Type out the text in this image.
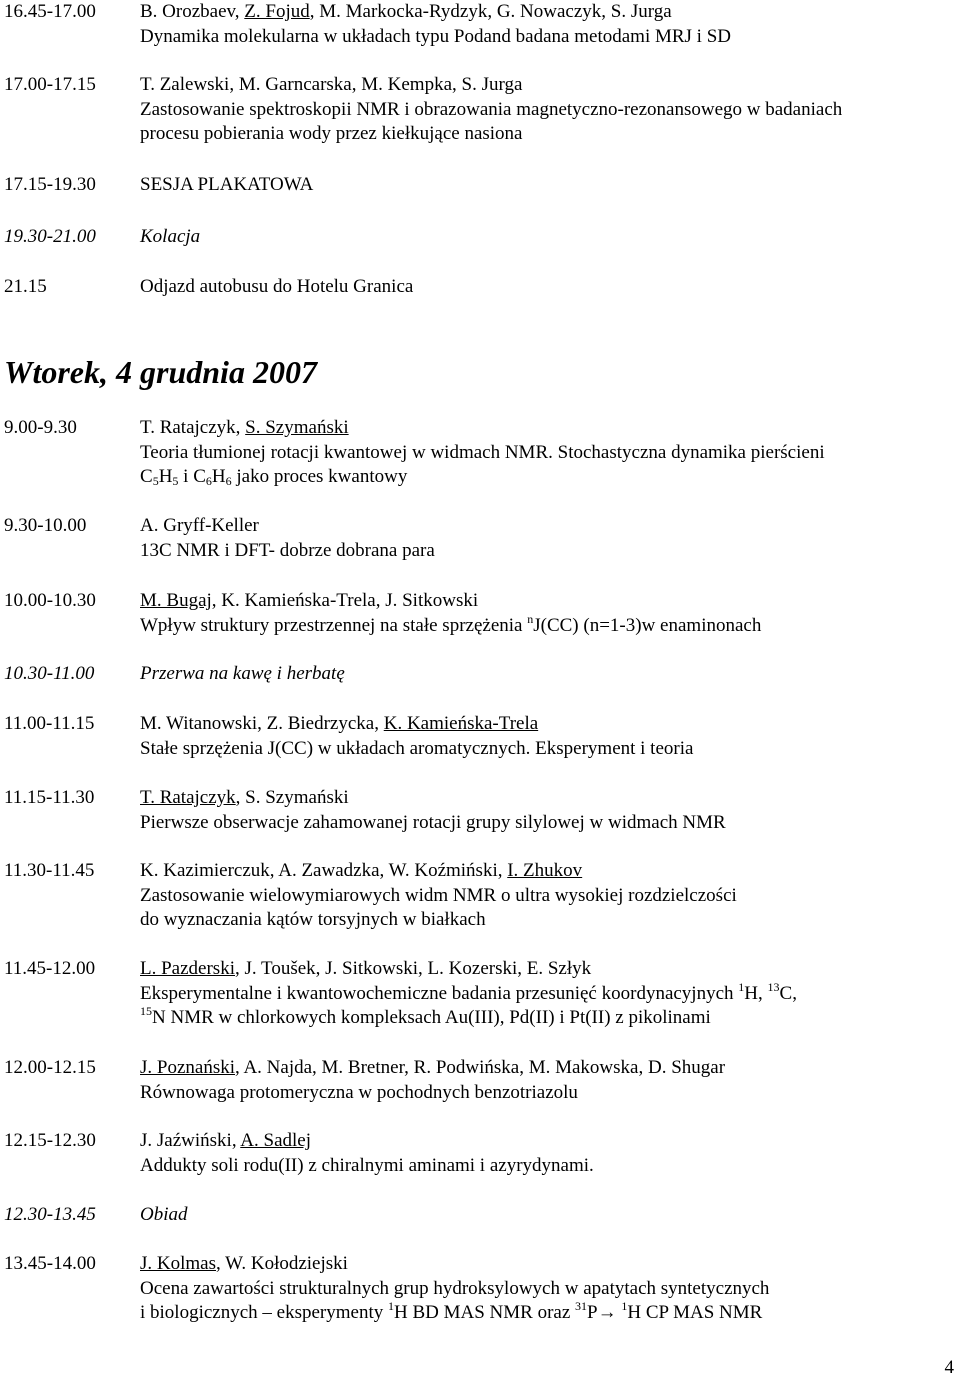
16.45-17.00	B. Orozbaev, Z. Fojud, M. Markocka-Rydzyk, G. Nowaczyk, S. Jurga
Dynamika molekularna w układach typu Podand badana metodami MRJ i SD
17.00-17.15	T. Zalewski, M. Garncarska, M. Kempka, S. Jurga
Zastosowanie spektroskopii NMR i obrazowania magnetyczno-rezonansowego w badaniach
procesu pobierania wody przez kiełkujące nasiona
17.15-19.30	SESJA PLAKATOWA
19.30-21.00	Kolacja
21.15	Odjazd autobusu do Hotelu Granica
Wtorek, 4 grudnia 2007
9.00-9.30	T. Ratajczyk, S. Szymański
Teoria tłumionej rotacji kwantowej w widmach NMR. Stochastyczna dynamika pierścieni
$C_5H_5$ i $C_6H_6$ jako proces kwantowy
9.30-10.00	A. Gryff-Keller
13C NMR i DFT- dobrze dobrana para
10.00-10.30	M. Bugaj, K. Kamieńska-Trela, J. Sitkowski
Wpływ struktury przestrzennej na stałe sprzężenia $^n$J(CC) (n=1-3)w enaminonach
10.30-11.00	Przerwa na kawę i herbatę
11.00-11.15	M. Witanowski, Z. Biedrzycka, K. Kamieńska-Trela
Stałe sprzężenia J(CC) w układach aromatycznych. Eksperyment i teoria
11.15-11.30	T. Ratajczyk, S. Szymański
Pierwsze obserwacje zahamowanej rotacji grupy silylowej w widmach NMR
11.30-11.45	K. Kazimierczuk, A. Zawadzka, W. Koźmiński, I. Zhukov
Zastosowanie wielowymiarowych widm NMR o ultra wysokiej rozdzielczości
do wyznaczania kątów torsyjnych w białkach
11.45-12.00	L. Pazderski, J. Toušek, J. Sitkowski, L. Kozerski, E. Szłyk
Eksperymentalne i kwantowochemiczne badania przesunięć koordynacyjnych $^1$H, $^{13}$C,
$^{15}$N NMR w chlorkowych kompleksach Au(III), Pd(II) i Pt(II) z pikolinami
12.00-12.15	J. Poznański, A. Najda, M. Bretner, R. Podwińska, M. Makowska, D. Shugar
Równowaga protomeryczna w pochodnych benzotriazolu
12.15-12.30	J. Jaźwiński, A. Sadlej
Addukty soli rodu(II) z chiralnymi aminami i azyrydynami.
12.30-13.45	Obiad
13.45-14.00	J. Kolmas, W. Kołodziejski
Ocena zawartości strukturalnych grup hydroksylowych w apatytach syntetycznych
i biologicznych – eksperymenty $^1$H BD MAS NMR oraz $^{31}$P→ $^1$H CP MAS NMR
4
